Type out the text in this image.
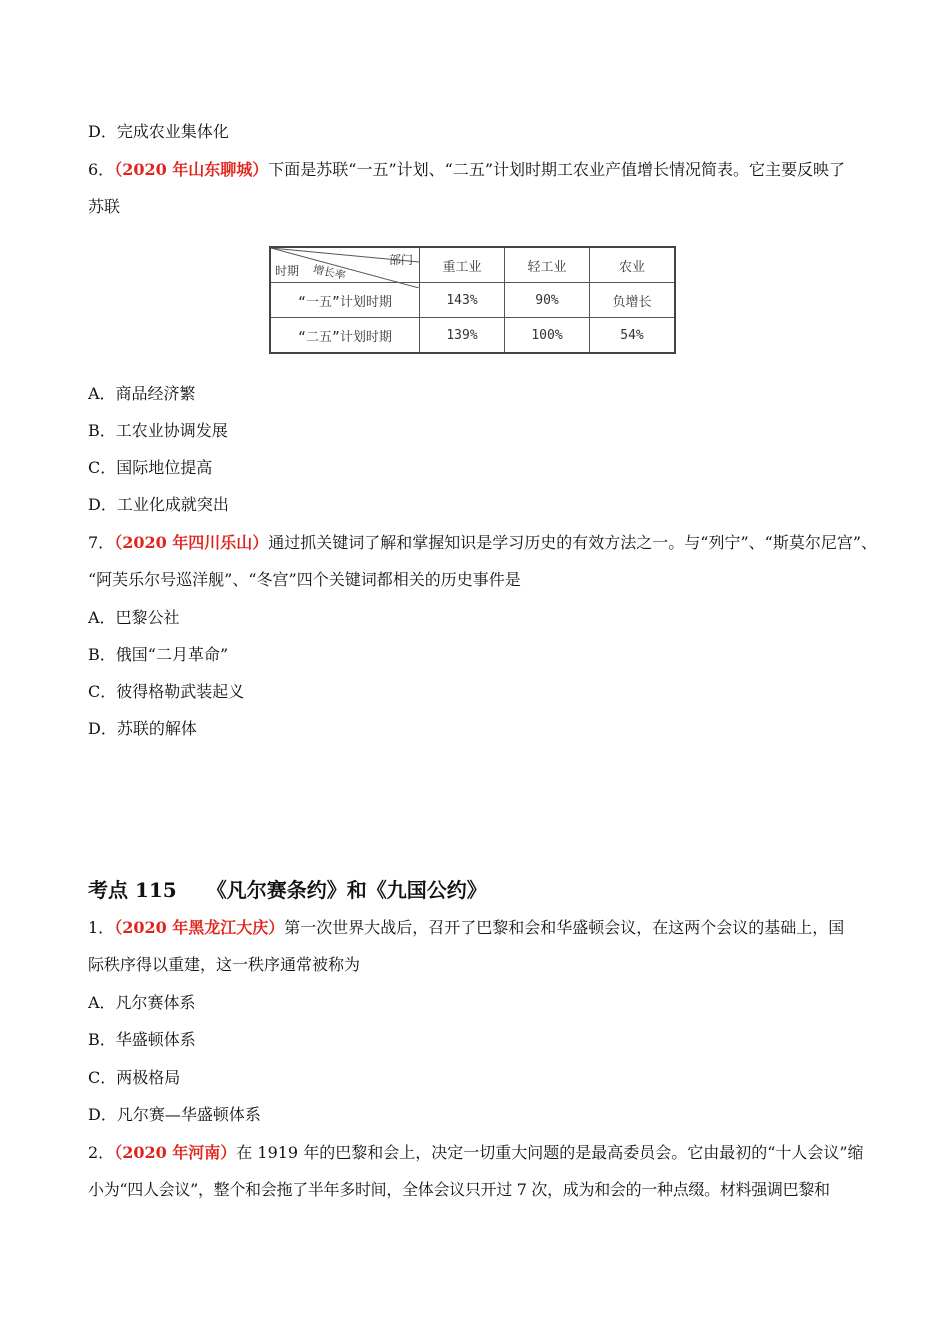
D．完成农业集体化
6．（2020 年山东聊城）下面是苏联“一五”计划、“二五”计划时期工农业产值增长情况简表。它主要反映了
苏联
部门
增长率
时期	重工业	轻工业	农业
“一五”计划时期	143%	90%	负增长
“二五”计划时期	139%	100%	54%
A．商品经济繁
B．工农业协调发展
C．国际地位提高
D．工业化成就突出
7．（2020 年四川乐山）通过抓关键词了解和掌握知识是学习历史的有效方法之一。与“列宁”、“斯莫尔尼宫”、
“阿芙乐尔号巡洋舰”、“冬宫”四个关键词都相关的历史事件是
A．巴黎公社
B．俄国“二月革命”
C．彼得格勒武装起义
D．苏联的解体
考点 115 《凡尔赛条约》和《九国公约》
1．（2020 年黑龙江大庆）第一次世界大战后，召开了巴黎和会和华盛顿会议，在这两个会议的基础上，国
际秩序得以重建，这一秩序通常被称为
A．凡尔赛体系
B．华盛顿体系
C．两极格局
D．凡尔赛—华盛顿体系
2．（2020 年河南）在 1919 年的巴黎和会上，决定一切重大问题的是最高委员会。它由最初的“十人会议”缩
小为“四人会议”，整个和会拖了半年多时间，全体会议只开过 7 次，成为和会的一种点缀。材料强调巴黎和
